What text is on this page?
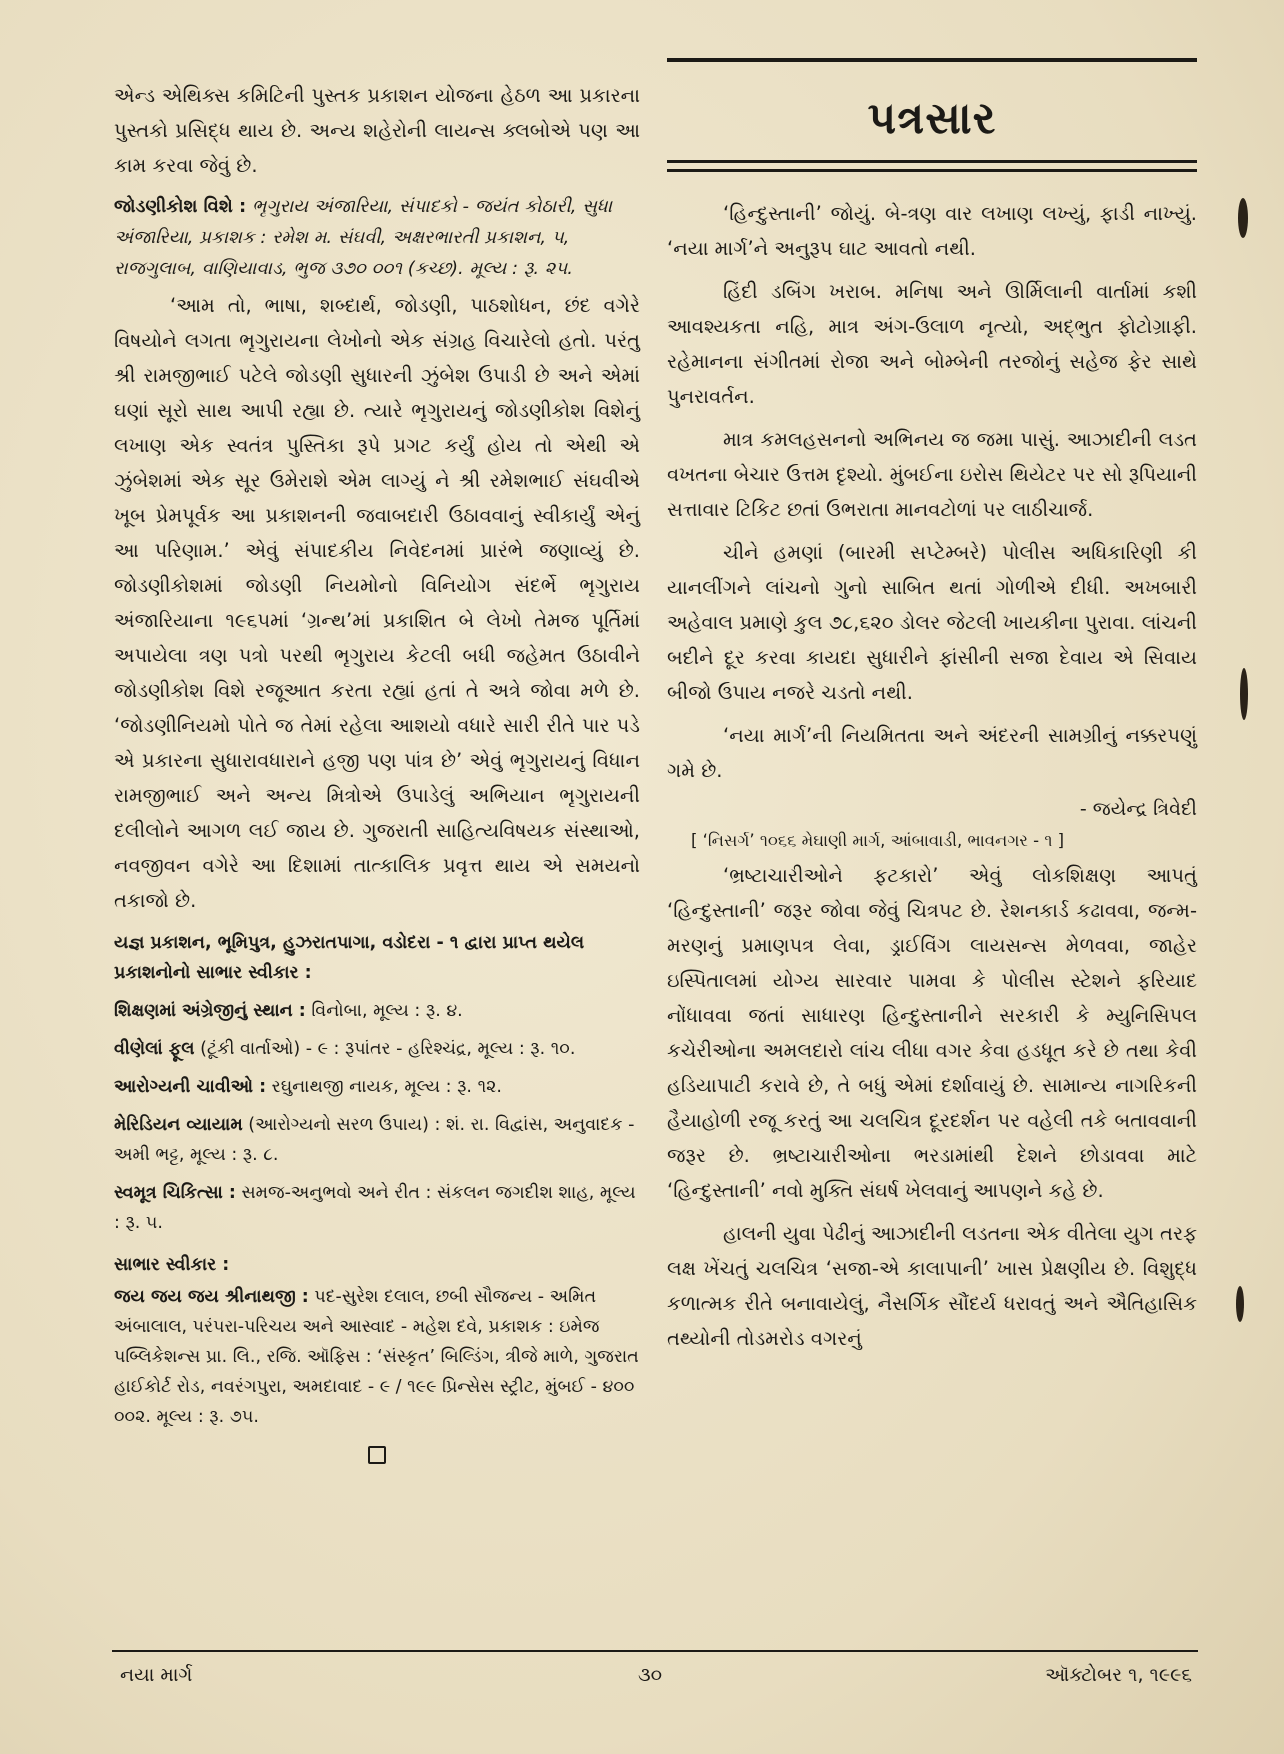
એન્ડ એથિક્સ કમિટિની પુસ્તક પ્રકાશન યોજના હેઠળ આ પ્રકારના પુસ્તકો પ્રસિદ્ધ થાય છે. અન્ય શહેરોની લાયન્સ ક્લબોએ પણ આ કામ કરવા જેવું છે.

જોડણીકોશ વિશે : ભૃગુરાય અંજારિયા, સંપાદકો - જયંત કોઠારી, સુધા અંજારિયા, પ્રકાશક : રમેશ મ. સંઘવી, અક્ષરભારતી પ્રકાશન, ૫, રાજગુલાબ, વાણિયાવાડ, ભુજ ૩૭૦ ૦૦૧ (કચ્છ). મૂલ્ય : રૂ. ૨૫.

‘આમ તો, ભાષા, શબ્દાર્થ, જોડણી, પાઠશોધન, છંદ વગેરે વિષયોને લગતા ભૃગુરાયના લેખોનો એક સંગ્રહ વિચારેલો હતો. પરંતુ શ્રી રામજીભાઈ પટેલે જોડણી સુધારની ઝુંબેશ ઉપાડી છે અને એમાં ઘણાં સૂરો સાથ આપી રહ્યા છે. ત્યારે ભૃગુરાયનું જોડણીકોશ વિશેનું લખાણ એક સ્વતંત્ર પુસ્તિકા રૂપે પ્રગટ કર્યું હોય તો એથી એ ઝુંબેશમાં એક સૂર ઉમેરાશે એમ લાગ્યું ને શ્રી રમેશભાઈ સંઘવીએ ખૂબ પ્રેમપૂર્વક આ પ્રકાશનની જવાબદારી ઉઠાવવાનું સ્વીકાર્યું એનું આ પરિણામ.’ એવું સંપાદકીય નિવેદનમાં પ્રારંભે જણાવ્યું છે. જોડણીકોશમાં જોડણી નિયમોનો વિનિયોગ સંદર્ભે ભૃગુરાય અંજારિયાના ૧૯૬૫માં ‘ગ્રન્થ’માં પ્રકાશિત બે લેખો તેમજ પૂર્તિમાં અપાયેલા ત્રણ પત્રો પરથી ભૃગુરાય કેટલી બધી જહેમત ઉઠાવીને જોડણીકોશ વિશે રજૂઆત કરતા રહ્યાં હતાં તે અત્રે જોવા મળે છે. ‘જોડણીનિયમો પોતે જ તેમાં રહેલા આશયો વધારે સારી રીતે પાર પડે એ પ્રકારના સુધારાવધારાને હજી પણ પાંત્ર છે’ એવું ભૃગુરાયનું વિધાન રામજીભાઈ અને અન્ય મિત્રોએ ઉપાડેલું અભિયાન ભૃગુરાયની દલીલોને આગળ લઈ જાય છે. ગુજરાતી સાહિત્યવિષયક સંસ્થાઓ, નવજીવન વગેરે આ દિશામાં તાત્કાલિક પ્રવૃત્ત થાય એ સમયનો તકાજો છે.

યજ્ઞ પ્રકાશન, ભૂમિપુત્ર, હુઝરાતપાગા, વડોદરા - ૧ દ્વારા પ્રાપ્ત થયેલ પ્રકાશનોનો સાભાર સ્વીકાર :

શિક્ષણમાં અંગ્રેજીનું સ્થાન : વિનોબા, મૂલ્ય : રૂ. ૪.

વીણેલાં ફૂલ (ટૂંકી વાર્તાઓ) - ૯ : રૂપાંતર - હરિશ્ચંદ્ર, મૂલ્ય : રૂ. ૧૦.

આરોગ્યની ચાવીઓ : રઘુનાથજી નાયક, મૂલ્ય : રૂ. ૧૨.

મેરિડિયન વ્યાયામ (આરોગ્યનો સરળ ઉપાય) : શં. રા. વિદ્વાંસ, અનુવાદક - અમી ભટ્ટ, મૂલ્ય : રૂ. ૮.

સ્વમૂત્ર ચિકિત્સા : સમજ-અનુભવો અને રીત : સંકલન જગદીશ શાહ, મૂલ્ય : રૂ. ૫.

સાભાર સ્વીકાર :

જય જય જય શ્રીનાથજી : પદ-સુરેશ દલાલ, છબી સૌજન્ય - અમિત અંબાલાલ, પરંપરા-પરિચય અને આસ્વાદ - મહેશ દવે, પ્રકાશક : ઇમેજ પબ્લિકેશન્સ પ્રા. લિ., રજિ. ઑફિસ : ‘સંસ્કૃત’ બિલ્ડિંગ, ત્રીજે માળે, ગુજરાત હાઈકોર્ટ રોડ, નવરંગપુરા, અમદાવાદ - ૯ / ૧૯૯ પ્રિન્સેસ સ્ટ્રીટ, મુંબઈ - ૪૦૦ ૦૦૨. મૂલ્ય : રૂ. ૭૫.

પત્રસાર

‘હિન્દુસ્તાની’ જોયું. બે-ત્રણ વાર લખાણ લખ્યું, ફાડી નાખ્યું. ‘નયા માર્ગ’ને અનુરૂપ ઘાટ આવતો નથી.

હિંદી ડબિંગ ખરાબ. મનિષા અને ઊર્મિલાની વાર્તામાં કશી આવશ્યકતા નહિ, માત્ર અંગ-ઉલાળ નૃત્યો, અદ્ભુત ફોટોગ્રાફી. રહેમાનના સંગીતમાં રોજા અને બોમ્બેની તરજોનું સહેજ ફેર સાથે પુનરાવર્તન.

માત્ર કમલહસનનો અભિનય જ જમા પાસું. આઝાદીની લડત વખતના બેચાર ઉત્તમ દૃશ્યો. મુંબઈના ઇરોસ થિયેટર પર સો રૂપિયાની સત્તાવાર ટિકિટ છતાં ઉભરાતા માનવટોળાં પર લાઠીચાર્જ.

ચીને હમણાં (બારમી સપ્ટેમ્બરે) પોલીસ અધિકારિણી કી યાનલીંગને લાંચનો ગુનો સાબિત થતાં ગોળીએ દીધી. અખબારી અહેવાલ પ્રમાણે કુલ ૭૮,૬૨૦ ડોલર જેટલી ખાયકીના પુરાવા. લાંચની બદીને દૂર કરવા કાયદા સુધારીને ફાંસીની સજા દેવાય એ સિવાય બીજો ઉપાય નજરે ચડતો નથી.

‘નયા માર્ગ’ની નિયમિતતા અને અંદરની સામગ્રીનું નક્કરપણું ગમે છે.

- જયેન્દ્ર ત્રિવેદી

[ ‘નિસર્ગ’ ૧૦૬૬ મેઘાણી માર્ગ, આંબાવાડી, ભાવનગર - ૧ ]

‘ભ્રષ્ટાચારીઓને ફટકારો’ એવું લોકશિક્ષણ આપતું ‘હિન્દુસ્તાની’ જરૂર જોવા જેવું ચિત્રપટ છે. રેશનકાર્ડ કઢાવવા, જન્મ-મરણનું પ્રમાણપત્ર લેવા, ડ્રાઈવિંગ લાયસન્સ મેળવવા, જાહેર ઇસ્પિતાલમાં યોગ્ય સારવાર પામવા કે પોલીસ સ્ટેશને ફરિયાદ નોંધાવવા જતાં સાધારણ હિન્દુસ્તાનીને સરકારી કે મ્યુનિસિપલ કચેરીઓના અમલદારો લાંચ લીધા વગર કેવા હડધૂત કરે છે તથા કેવી હડિયાપાટી કરાવે છે, તે બધું એમાં દર્શાવાયું છે. સામાન્ય નાગરિકની હૈયાહોળી રજૂ કરતું આ ચલચિત્ર દૂરદર્શન પર વહેલી તકે બતાવવાની જરૂર છે. ભ્રષ્ટાચારીઓના ભરડામાંથી દેશને છોડાવવા માટે ‘હિન્દુસ્તાની’ નવો મુક્તિ સંઘર્ષ ખેલવાનું આપણને કહે છે.

હાલની યુવા પેઢીનું આઝાદીની લડતના એક વીતેલા યુગ તરફ લક્ષ ખેંચતું ચલચિત્ર ‘સજા-એ કાલાપાની’ ખાસ પ્રેક્ષણીય છે. વિશુદ્ધ કળાત્મક રીતે બનાવાયેલું, નૈસર્ગિક સૌંદર્ય ધરાવતું અને ઐતિહાસિક તથ્યોની તોડમરોડ વગરનું

નયા માર્ગ	૩૦	ઑક્ટોબર ૧, ૧૯૯૬
